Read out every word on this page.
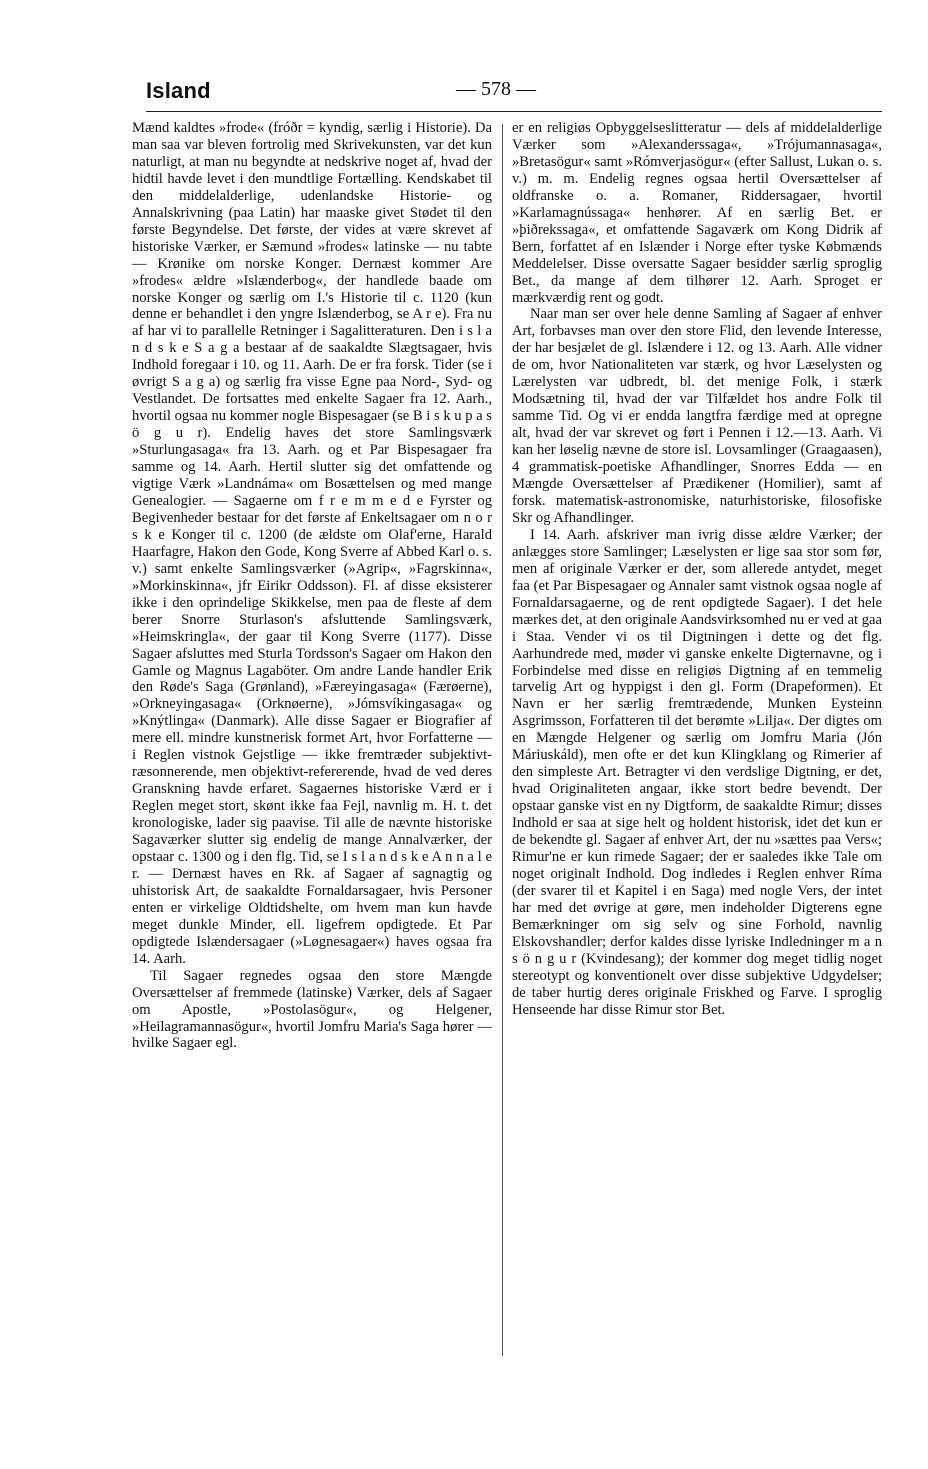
Island	— 578 —

Mænd kaldtes »frode« (fróðr = kyndig, særlig i Historie). Da man saa var bleven fortrolig med Skrivekunsten, var det kun naturligt, at man nu begyndte at nedskrive noget af, hvad der hidtil havde levet i den mundtlige Fortælling. Kendskabet til den middelalderlige, udenlandske Historie- og Annalskrivning (paa Latin) har maaske givet Stødet til den første Begyndelse. Det første, der vides at være skrevet af historiske Værker, er Sæmund »frodes« latinske — nu tabte — Krønike om norske Konger. Dernæst kommer Are »frodes« ældre »Islænderbog«, der handlede baade om norske Konger og særlig om I.'s Historie til c. 1120 (kun denne er behandlet i den yngre Islænderbog, se A r e). Fra nu af har vi to parallelle Retninger i Sagalitteraturen. Den i s l a n d s k e S a g a bestaar af de saakaldte Slægtsagaer, hvis Indhold foregaar i 10. og 11. Aarh. De er fra forsk. Tider (se i øvrigt S a g a) og særlig fra visse Egne paa Nord-, Syd- og Vestlandet. De fortsattes med enkelte Sagaer fra 12. Aarh., hvortil ogsaa nu kommer nogle Bispesagaer (se B i s k u p a s ö g u r). Endelig haves det store Samlingsværk »Sturlungasaga« fra 13. Aarh. og et Par Bispesagaer fra samme og 14. Aarh. Hertil slutter sig det omfattende og vigtige Værk »Landnáma« om Bosættelsen og med mange Genealogier. — Sagaerne om f r e m m e d e Fyrster og Begivenheder bestaar for det første af Enkeltsagaer om n o r s k e Konger til c. 1200 (de ældste om Olaf'erne, Harald Haarfagre, Hakon den Gode, Kong Sverre af Abbed Karl o. s. v.) samt enkelte Samlingsværker (»Agrip«, »Fagrskinna«, »Morkinskinna«, jfr Eirikr Oddsson). Fl. af disse eksisterer ikke i den oprindelige Skikkelse, men paa de fleste af dem berer Snorre Sturlason's afsluttende Samlingsværk, »Heimskringla«, der gaar til Kong Sverre (1177). Disse Sagaer afsluttes med Sturla Tordsson's Sagaer om Hakon den Gamle og Magnus Lagaböter. Om andre Lande handler Erik den Røde's Saga (Grønland), »Færeyingasaga« (Færøerne), »Orkneyingasaga« (Orknøerne), »Jómsvíkingasaga« og »Knýtlinga« (Danmark). Alle disse Sagaer er Biografier af mere ell. mindre kunstnerisk formet Art, hvor Forfatterne — i Reglen vistnok Gejstlige — ikke fremtræder subjektivt-ræsonnerende, men objektivt-refererende, hvad de ved deres Granskning havde erfaret. Sagaernes historiske Værd er i Reglen meget stort, skønt ikke faa Fejl, navnlig m. H. t. det kronologiske, lader sig paavise. Til alle de nævnte historiske Sagaværker slutter sig endelig de mange Annalværker, der opstaar c. 1300 og i den flg. Tid, se I s l a n d s k e A n n a l e r. — Dernæst haves en Rk. af Sagaer af sagnagtig og uhistorisk Art, de saakaldte Fornaldarsagaer, hvis Personer enten er virkelige Oldtidshelte, om hvem man kun havde meget dunkle Minder, ell. ligefrem opdigtede. Et Par opdigtede Islændersagaer (»Løgnesagaer«) haves ogsaa fra 14. Aarh.

Til Sagaer regnedes ogsaa den store Mængde Oversættelser af fremmede (latinske) Værker, dels af Sagaer om Apostle, »Postolasögur«, og Helgener, »Heilagramannasögur«, hvortil Jomfru Maria's Saga hører — hvilke Sagaer egl.

er en religiøs Opbyggelseslitteratur — dels af middelalderlige Værker som »Alexanderssaga«, »Trójumannasaga«, »Bretasögur« samt »Rómverjasögur« (efter Sallust, Lukan o. s. v.) m. m. Endelig regnes ogsaa hertil Oversættelser af oldfranske o. a. Romaner, Riddersagaer, hvortil »Karlamagnússaga« henhører. Af en særlig Bet. er »þiðrekssaga«, et omfattende Sagaværk om Kong Didrik af Bern, forfattet af en Islænder i Norge efter tyske Købmænds Meddelelser. Disse oversatte Sagaer besidder særlig sproglig Bet., da mange af dem tilhører 12. Aarh. Sproget er mærkværdig rent og godt.

Naar man ser over hele denne Samling af Sagaer af enhver Art, forbavses man over den store Flid, den levende Interesse, der har besjælet de gl. Islændere i 12. og 13. Aarh. Alle vidner de om, hvor Nationaliteten var stærk, og hvor Læselysten og Lærelysten var udbredt, bl. det menige Folk, i stærk Modsætning til, hvad der var Tilfældet hos andre Folk til samme Tid. Og vi er endda langtfra færdige med at opregne alt, hvad der var skrevet og ført i Pennen i 12.—13. Aarh. Vi kan her løselig nævne de store isl. Lovsamlinger (Graagaasen), 4 grammatisk-poetiske Afhandlinger, Snorres Edda — en Mængde Oversættelser af Prædikener (Homilier), samt af forsk. matematisk-astronomiske, naturhistoriske, filosofiske Skr og Afhandlinger.

I 14. Aarh. afskriver man ivrig disse ældre Værker; der anlægges store Samlinger; Læselysten er lige saa stor som før, men af originale Værker er der, som allerede antydet, meget faa (et Par Bispesagaer og Annaler samt vistnok ogsaa nogle af Fornaldarsagaerne, og de rent opdigtede Sagaer). I det hele mærkes det, at den originale Aandsvirksomhed nu er ved at gaa i Staa. Vender vi os til Digtningen i dette og det flg. Aarhundrede med, møder vi ganske enkelte Digternavne, og i Forbindelse med disse en religiøs Digtning af en temmelig tarvelig Art og hyppigst i den gl. Form (Drapeformen). Et Navn er her særlig fremtrædende, Munken Eysteinn Asgrimsson, Forfatteren til det berømte »Lilja«. Der digtes om en Mængde Helgener og særlig om Jomfru Maria (Jón Máriuskáld), men ofte er det kun Klingklang og Rimerier af den simpleste Art. Betragter vi den verdslige Digtning, er det, hvad Originaliteten angaar, ikke stort bedre bevendt. Der opstaar ganske vist en ny Digtform, de saakaldte Rimur; disses Indhold er saa at sige helt og holdent historisk, idet det kun er de bekendte gl. Sagaer af enhver Art, der nu »sættes paa Vers«; Rimur'ne er kun rimede Sagaer; der er saaledes ikke Tale om noget originalt Indhold. Dog indledes i Reglen enhver Ríma (der svarer til et Kapitel i en Saga) med nogle Vers, der intet har med det øvrige at gøre, men indeholder Digterens egne Bemærkninger om sig selv og sine Forhold, navnlig Elskovshandler; derfor kaldes disse lyriske Indledninger m a n s ö n g u r (Kvindesang); der kommer dog meget tidlig noget stereotypt og konventionelt over disse subjektive Udgydelser; de taber hurtig deres originale Friskhed og Farve. I sproglig Henseende har disse Rimur stor Bet.
